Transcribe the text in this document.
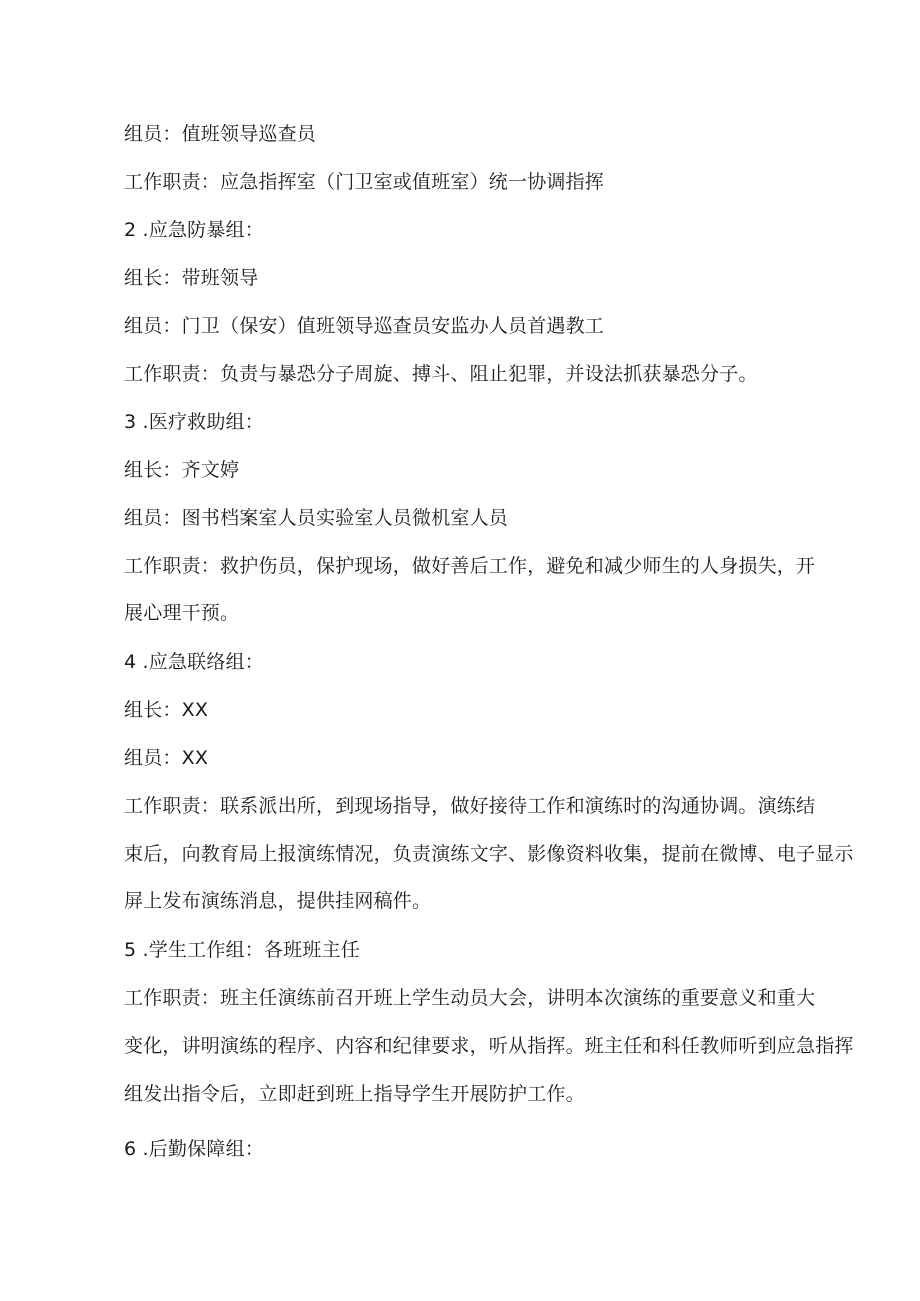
组员：值班领导巡查员
工作职责：应急指挥室（门卫室或值班室）统一协调指挥
2 .应急防暴组：
组长：带班领导
组员：门卫（保安）值班领导巡查员安监办人员首遇教工
工作职责：负责与暴恐分子周旋、搏斗、阻止犯罪，并设法抓获暴恐分子。
3 .医疗救助组：
组长：齐文婷
组员：图书档案室人员实验室人员微机室人员
工作职责：救护伤员，保护现场，做好善后工作，避免和减少师生的人身损失，开
展心理干预。
4 .应急联络组：
组长：XX
组员：XX
工作职责：联系派出所，到现场指导，做好接待工作和演练时的沟通协调。演练结
束后，向教育局上报演练情况，负责演练文字、影像资料收集，提前在微博、电子显示
屏上发布演练消息，提供挂网稿件。
5 .学生工作组：各班班主任
工作职责：班主任演练前召开班上学生动员大会，讲明本次演练的重要意义和重大
变化，讲明演练的程序、内容和纪律要求，听从指挥。班主任和科任教师听到应急指挥
组发出指令后，立即赶到班上指导学生开展防护工作。
6 .后勤保障组：
